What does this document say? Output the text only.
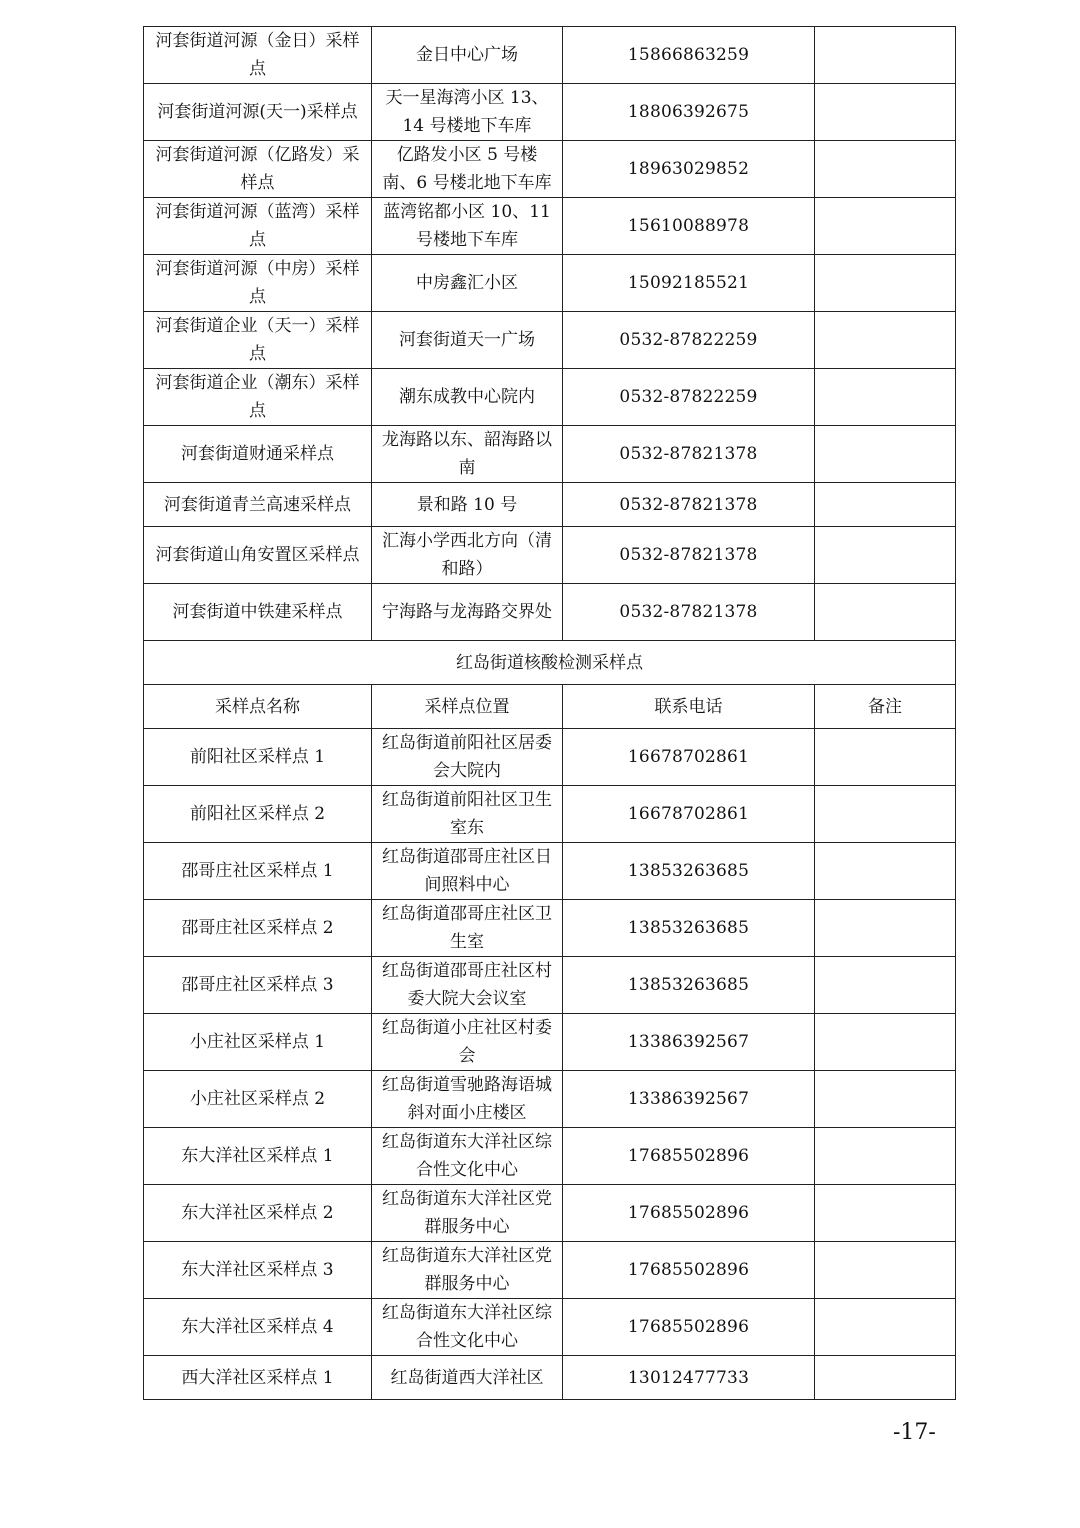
河套街道河源（金日）采样点	金日中心广场	15866863259	
河套街道河源(天一)采样点	天一星海湾小区 13、14 号楼地下车库	18806392675	
河套街道河源（亿路发）采样点	亿路发小区 5 号楼南、6 号楼北地下车库	18963029852	
河套街道河源（蓝湾）采样点	蓝湾铭都小区 10、11 号楼地下车库	15610088978	
河套街道河源（中房）采样点	中房鑫汇小区	15092185521	
河套街道企业（天一）采样点	河套街道天一广场	0532-87822259	
河套街道企业（潮东）采样点	潮东成教中心院内	0532-87822259	
河套街道财通采样点	龙海路以东、韶海路以南	0532-87821378	
河套街道青兰高速采样点	景和路 10 号	0532-87821378	
河套街道山角安置区采样点	汇海小学西北方向（清和路）	0532-87821378	
河套街道中铁建采样点	宁海路与龙海路交界处	0532-87821378	
红岛街道核酸检测采样点			
采样点名称	采样点位置	联系电话	备注
前阳社区采样点 1	红岛街道前阳社区居委会大院内	16678702861	
前阳社区采样点 2	红岛街道前阳社区卫生室东	16678702861	
邵哥庄社区采样点 1	红岛街道邵哥庄社区日间照料中心	13853263685	
邵哥庄社区采样点 2	红岛街道邵哥庄社区卫生室	13853263685	
邵哥庄社区采样点 3	红岛街道邵哥庄社区村委大院大会议室	13853263685	
小庄社区采样点 1	红岛街道小庄社区村委会	13386392567	
小庄社区采样点 2	红岛街道雪驰路海语城斜对面小庄楼区	13386392567	
东大洋社区采样点 1	红岛街道东大洋社区综合性文化中心	17685502896	
东大洋社区采样点 2	红岛街道东大洋社区党群服务中心	17685502896	
东大洋社区采样点 3	红岛街道东大洋社区党群服务中心	17685502896	
东大洋社区采样点 4	红岛街道东大洋社区综合性文化中心	17685502896	
西大洋社区采样点 1	红岛街道西大洋社区	13012477733	
-17-
